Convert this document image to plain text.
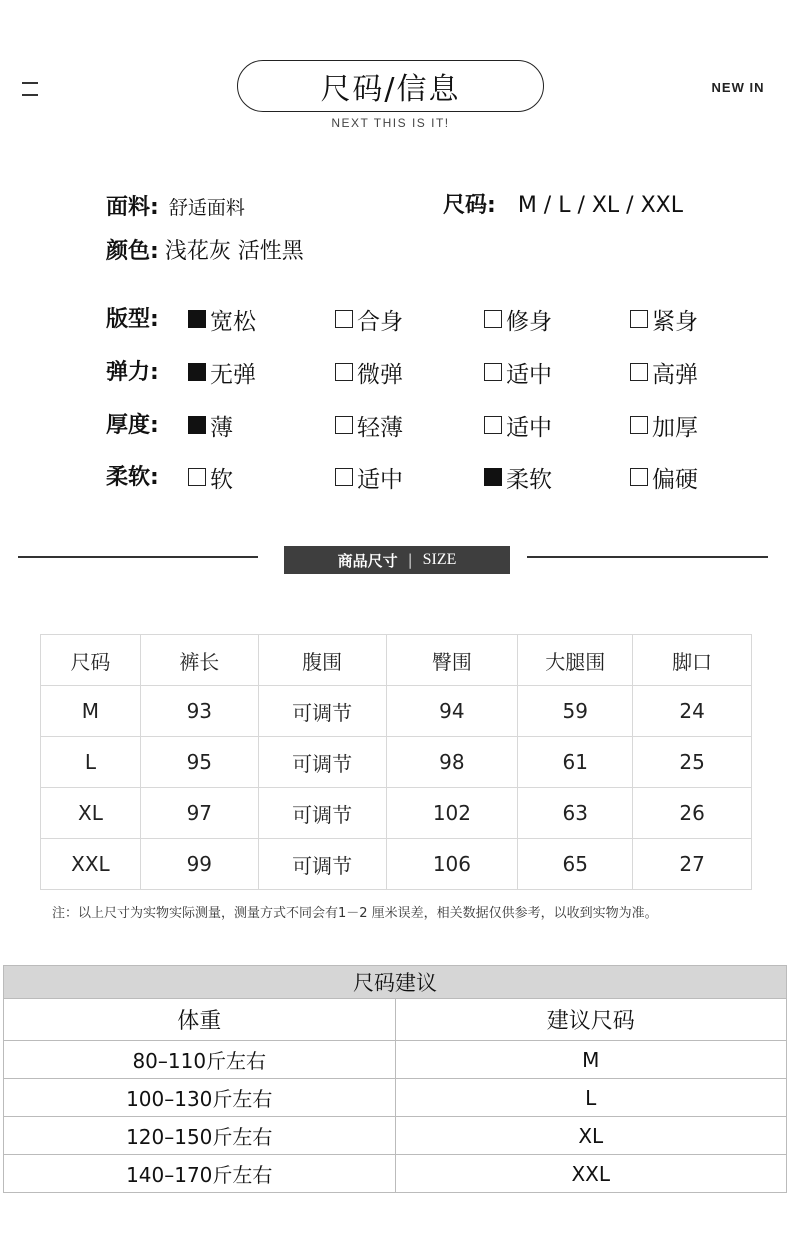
尺码/信息
NEXT THIS IS IT!
NEW IN
面料: 舒适面料	尺码: M / L / XL / XXL
颜色: 浅花灰 活性黑
版型: 宽松	合身	修身	紧身
弹力: 无弹	微弹	适中	高弹
厚度: 薄	轻薄	适中	加厚
柔软: 软	适中	柔软	偏硬
商品尺寸 | SIZE
尺码	裤长	腹围	臀围	大腿围	脚口
M	93	可调节	94	59	24
L	95	可调节	98	61	25
XL	97	可调节	102	63	26
XXL	99	可调节	106	65	27
注：以上尺寸为实物实际测量，测量方式不同会有1－2 厘米误差，相关数据仅供参考，以收到实物为准。
尺码建议	
体重	建议尺码
80–110斤左右	M
100–130斤左右	L
120–150斤左右	XL
140–170斤左右	XXL
